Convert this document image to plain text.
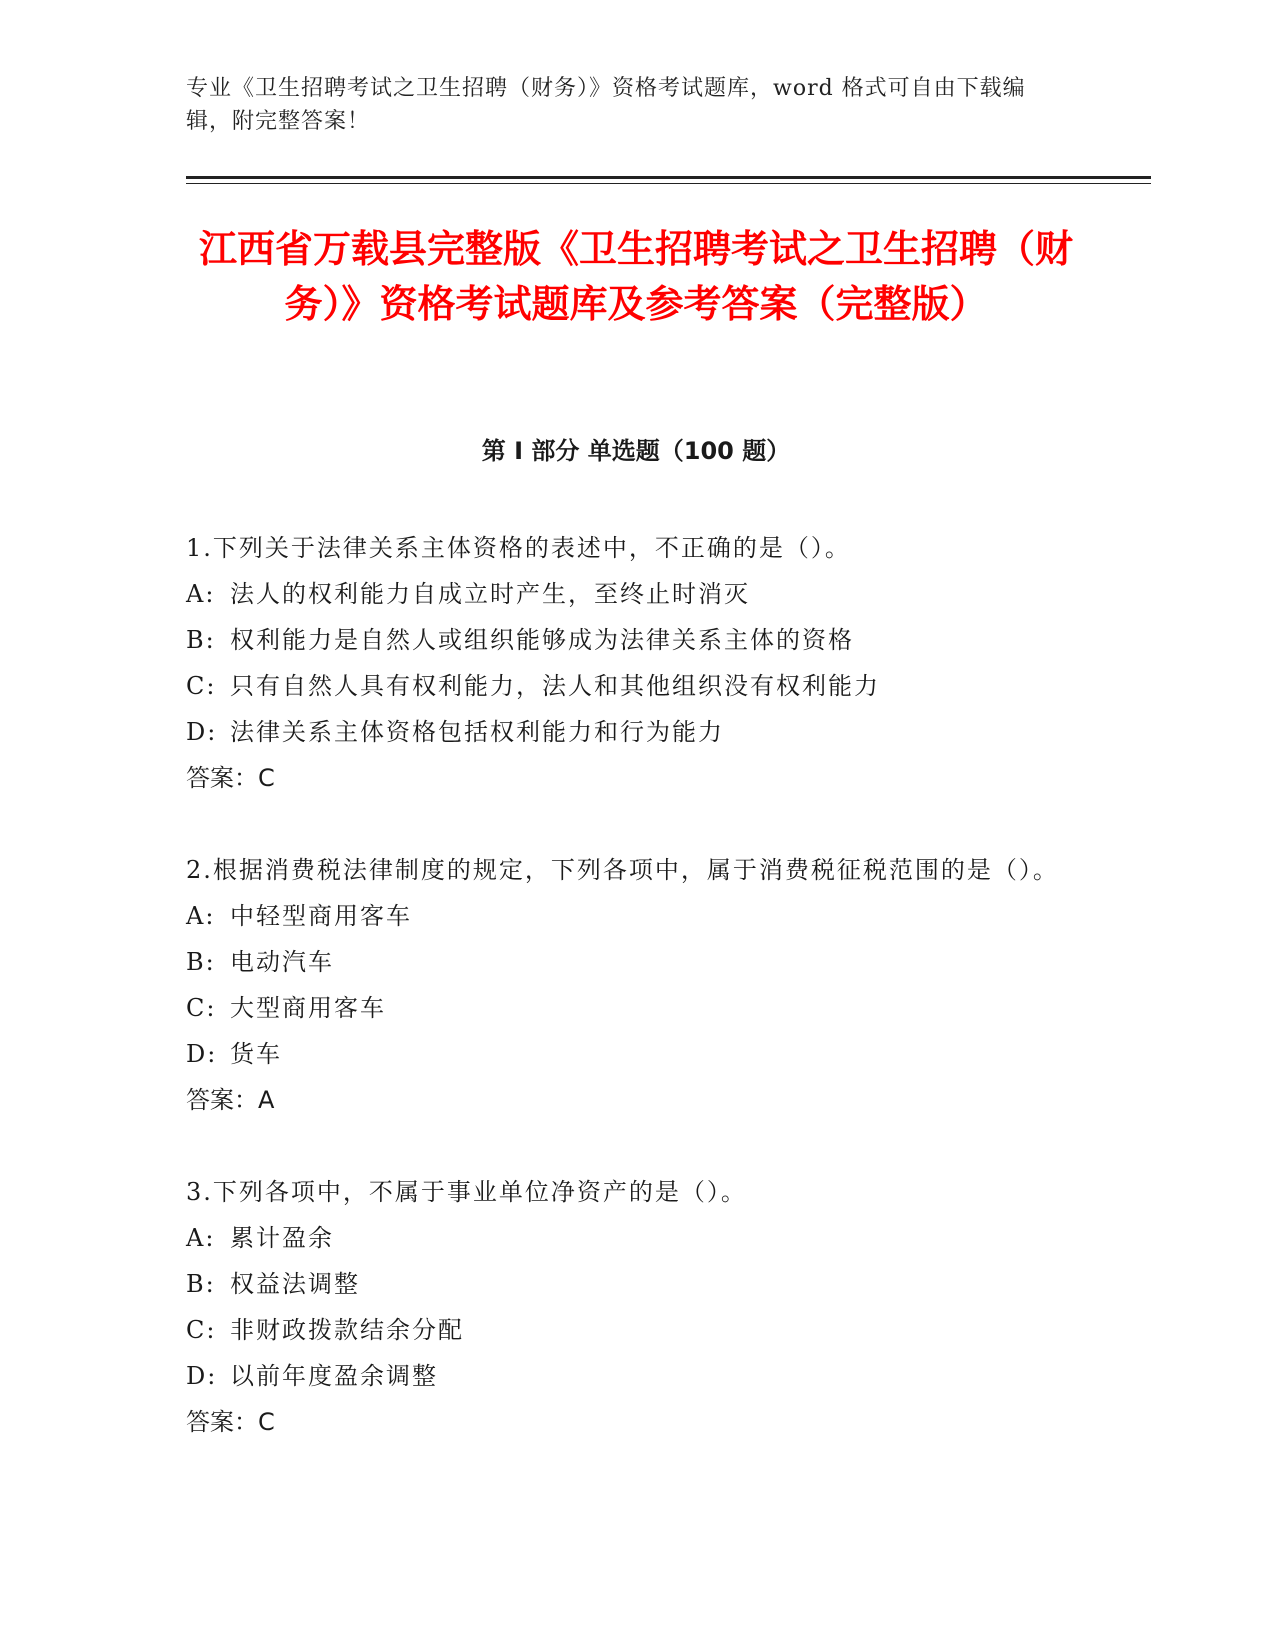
专业《卫生招聘考试之卫生招聘（财务）》资格考试题库，word 格式可自由下载编辑，附完整答案！
江西省万载县完整版《卫生招聘考试之卫生招聘（财务）》资格考试题库及参考答案（完整版）
第 I 部分 单选题（100 题）
1.下列关于法律关系主体资格的表述中，不正确的是（）。
A: 法人的权利能力自成立时产生，至终止时消灭
B: 权利能力是自然人或组织能够成为法律关系主体的资格
C: 只有自然人具有权利能力，法人和其他组织没有权利能力
D: 法律关系主体资格包括权利能力和行为能力
答案：C
2.根据消费税法律制度的规定，下列各项中，属于消费税征税范围的是（）。
A: 中轻型商用客车
B: 电动汽车
C: 大型商用客车
D: 货车
答案：A
3.下列各项中，不属于事业单位净资产的是（）。
A: 累计盈余
B: 权益法调整
C: 非财政拨款结余分配
D: 以前年度盈余调整
答案：C
